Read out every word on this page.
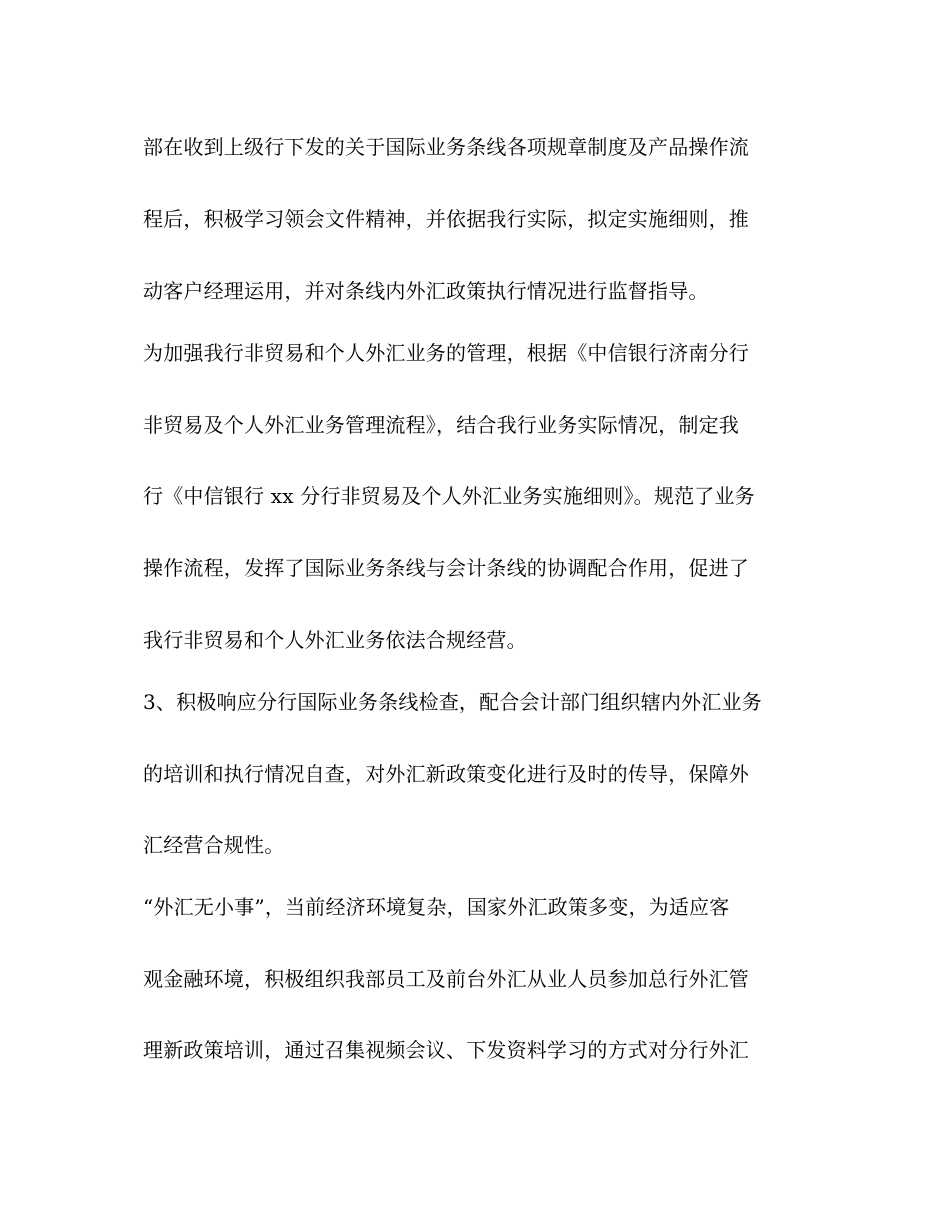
部在收到上级行下发的关于国际业务条线各项规章制度及产品操作流
程后，积极学习领会文件精神，并依据我行实际，拟定实施细则，推
动客户经理运用，并对条线内外汇政策执行情况进行监督指导。
为加强我行非贸易和个人外汇业务的管理，根据《中信银行济南分行
非贸易及个人外汇业务管理流程》，结合我行业务实际情况，制定我
行《中信银行 xx 分行非贸易及个人外汇业务实施细则》。规范了业务
操作流程，发挥了国际业务条线与会计条线的协调配合作用，促进了
我行非贸易和个人外汇业务依法合规经营。
3、积极响应分行国际业务条线检查，配合会计部门组织辖内外汇业务
的培训和执行情况自查，对外汇新政策变化进行及时的传导，保障外
汇经营合规性。
“外汇无小事”，当前经济环境复杂，国家外汇政策多变，为适应客
观金融环境，积极组织我部员工及前台外汇从业人员参加总行外汇管
理新政策培训，通过召集视频会议、下发资料学习的方式对分行外汇
